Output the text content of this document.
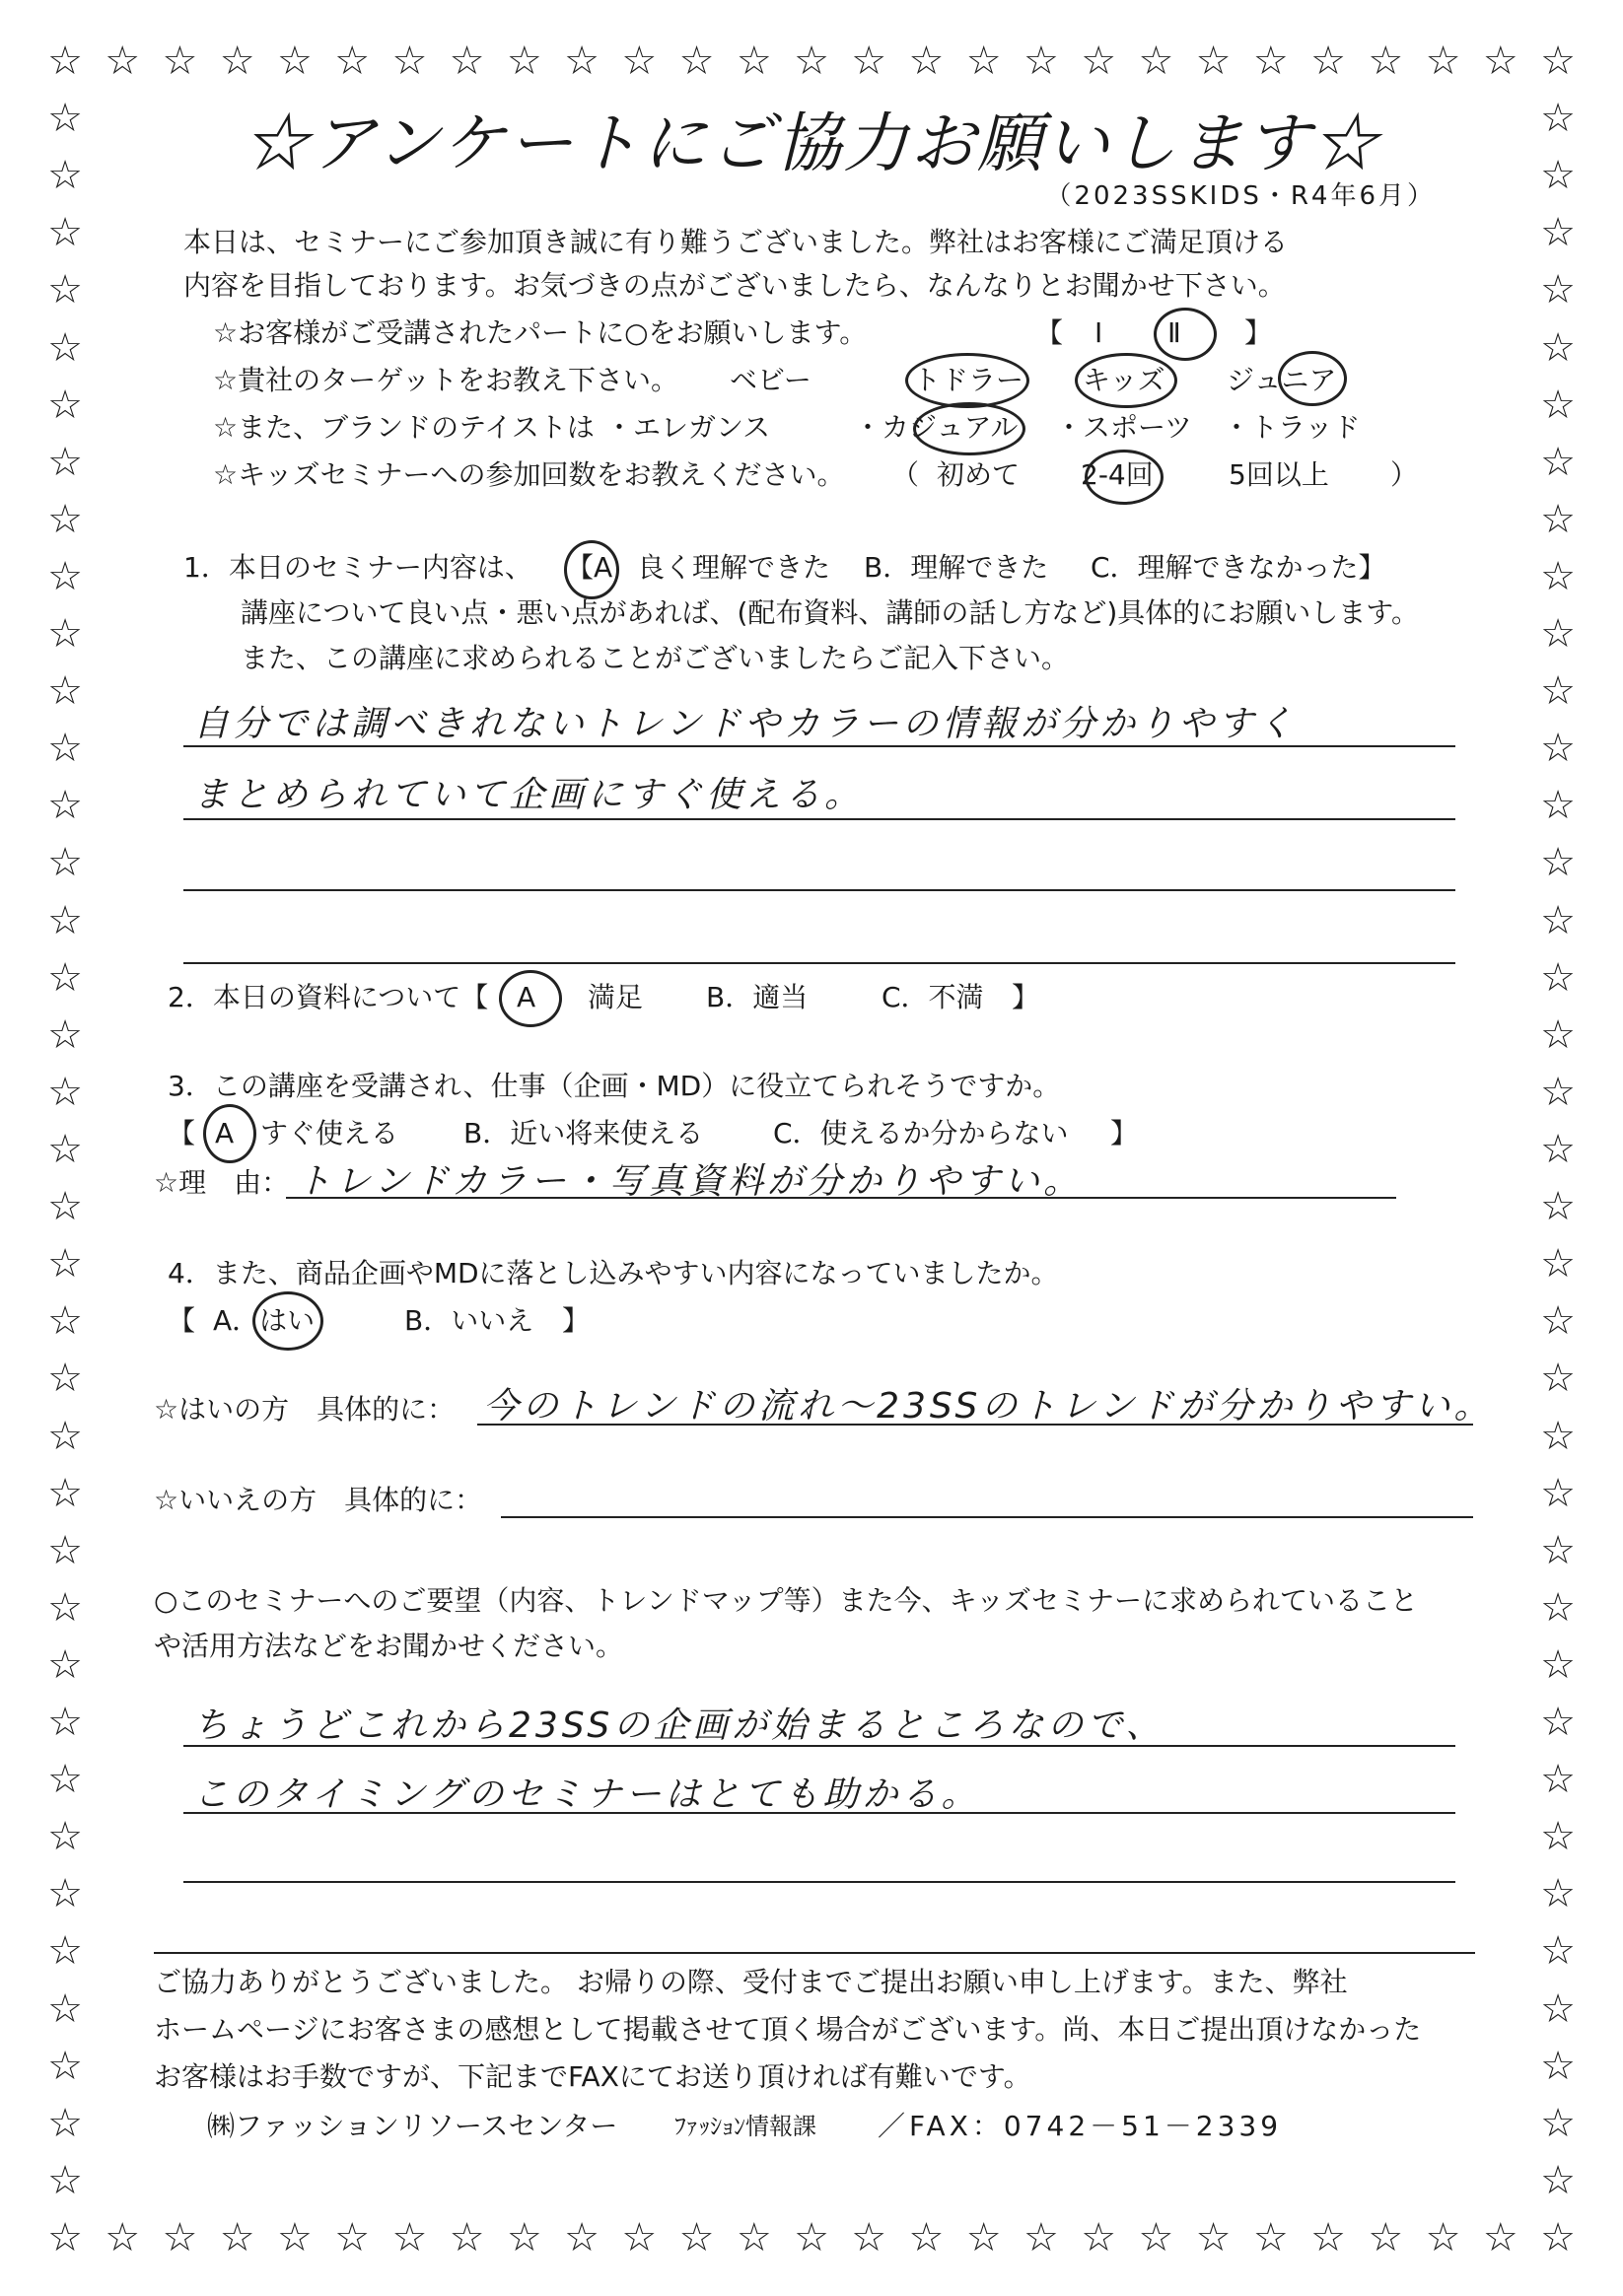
☆
☆
☆
☆
☆
☆
☆
☆
☆
☆
☆
☆
☆
☆
☆
☆
☆
☆
☆
☆
☆
☆
☆
☆
☆
☆
☆
☆
☆
☆
☆
☆
☆
☆
☆
☆
☆
☆
☆
☆
☆
☆
☆
☆
☆
☆
☆
☆
☆
☆
☆
☆
☆
☆
☆	☆
☆	☆
☆	☆
☆	☆
☆	☆
☆	☆
☆	☆
☆	☆
☆	☆
☆	☆
☆	☆
☆	☆
☆	☆
☆	☆
☆	☆
☆	☆
☆	☆
☆	☆
☆	☆
☆	☆
☆	☆
☆	☆
☆	☆
☆	☆
☆	☆
☆	☆
☆	☆
☆	☆
☆	☆
☆	☆
☆	☆
☆	☆
☆	☆
☆	☆
☆	☆
☆	☆
☆	☆
☆アンケートにご協力お願いします☆
（2023SSKIDS・R4年6月）
本日は、セミナーにご参加頂き誠に有り難うございました。弊社はお客様にご満足頂ける
内容を目指しております。お気づきの点がございましたら、なんなりとお聞かせ下さい。
☆お客様がご受講されたパートに○をお願いします。	【 Ⅰ Ⅱ 】
☆貴社のターゲットをお教え下さい。 ベビー	トドラー キッズ ジュニア
☆また、ブランドのテイストは ・エレガンス	・カジュアル ・スポーツ ・トラッド
☆キッズセミナーへの参加回数をお教えください。 （ 初めて 2-4回	5回以上 ）
1．本日のセミナー内容は、 【A 良く理解できた B．理解できた C．理解できなかった】
講座について良い点・悪い点があれば、(配布資料、講師の話し方など)具体的にお願いします。
また、この講座に求められることがございましたらご記入下さい。
自分では調べきれないトレンドやカラーの情報が分かりやすく
まとめられていて企画にすぐ使える。
2．本日の資料について【 A 満足 B．適当	C．不満 】
3．この講座を受講され、仕事（企画・MD）に役立てられそうですか。
【 A すぐ使える B．近い将来使える	C．使えるか分からない 】
☆理　由： トレンドカラー・写真資料が分かりやすい。
4．また、商品企画やMDに落とし込みやすい内容になっていましたか。
【 A．はい	B．いいえ 】
☆はいの方　具体的に： 今のトレンドの流れ～23SSのトレンドが分かりやすい。
☆いいえの方　具体的に：
○このセミナーへのご要望（内容、トレンドマップ等）また今、キッズセミナーに求められていること
や活用方法などをお聞かせください。
ちょうどこれから23SSの企画が始まるところなので、
このタイミングのセミナーはとても助かる。
ご協力ありがとうございました。 お帰りの際、受付までご提出お願い申し上げます。また、弊社
ホームページにお客さまの感想として掲載させて頂く場合がございます。尚、本日ご提出頂けなかった
お客様はお手数ですが、下記までFAXにてお送り頂ければ有難いです。
㈱ファッションリソースセンター ﾌｧｯｼｮﾝ情報課 ／FAX：0742－51－2339
